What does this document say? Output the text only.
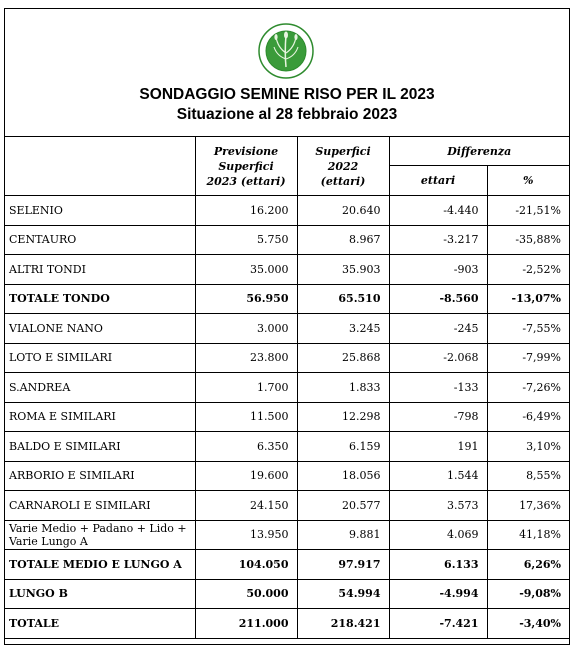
SONDAGGIO SEMINE RISO PER IL 2023
Situazione al 28 febbraio 2023
	Previsione Superfici 2023 (ettari)	Superfici 2022 (ettari)	Differenza	
			ettari	%
SELENIO	16.200	20.640	-4.440	-21,51%
CENTAURO	5.750	8.967	-3.217	-35,88%
ALTRI TONDI	35.000	35.903	-903	-2,52%
TOTALE TONDO	56.950	65.510	-8.560	-13,07%
VIALONE NANO	3.000	3.245	-245	-7,55%
LOTO E SIMILARI	23.800	25.868	-2.068	-7,99%
S.ANDREA	1.700	1.833	-133	-7,26%
ROMA E SIMILARI	11.500	12.298	-798	-6,49%
BALDO E SIMILARI	6.350	6.159	191	3,10%
ARBORIO E SIMILARI	19.600	18.056	1.544	8,55%
CARNAROLI E SIMILARI	24.150	20.577	3.573	17,36%
Varie Medio + Padano + Lido + Varie Lungo A	13.950	9.881	4.069	41,18%
TOTALE MEDIO E LUNGO A	104.050	97.917	6.133	6,26%
LUNGO B	50.000	54.994	-4.994	-9,08%
TOTALE	211.000	218.421	-7.421	-3,40%
